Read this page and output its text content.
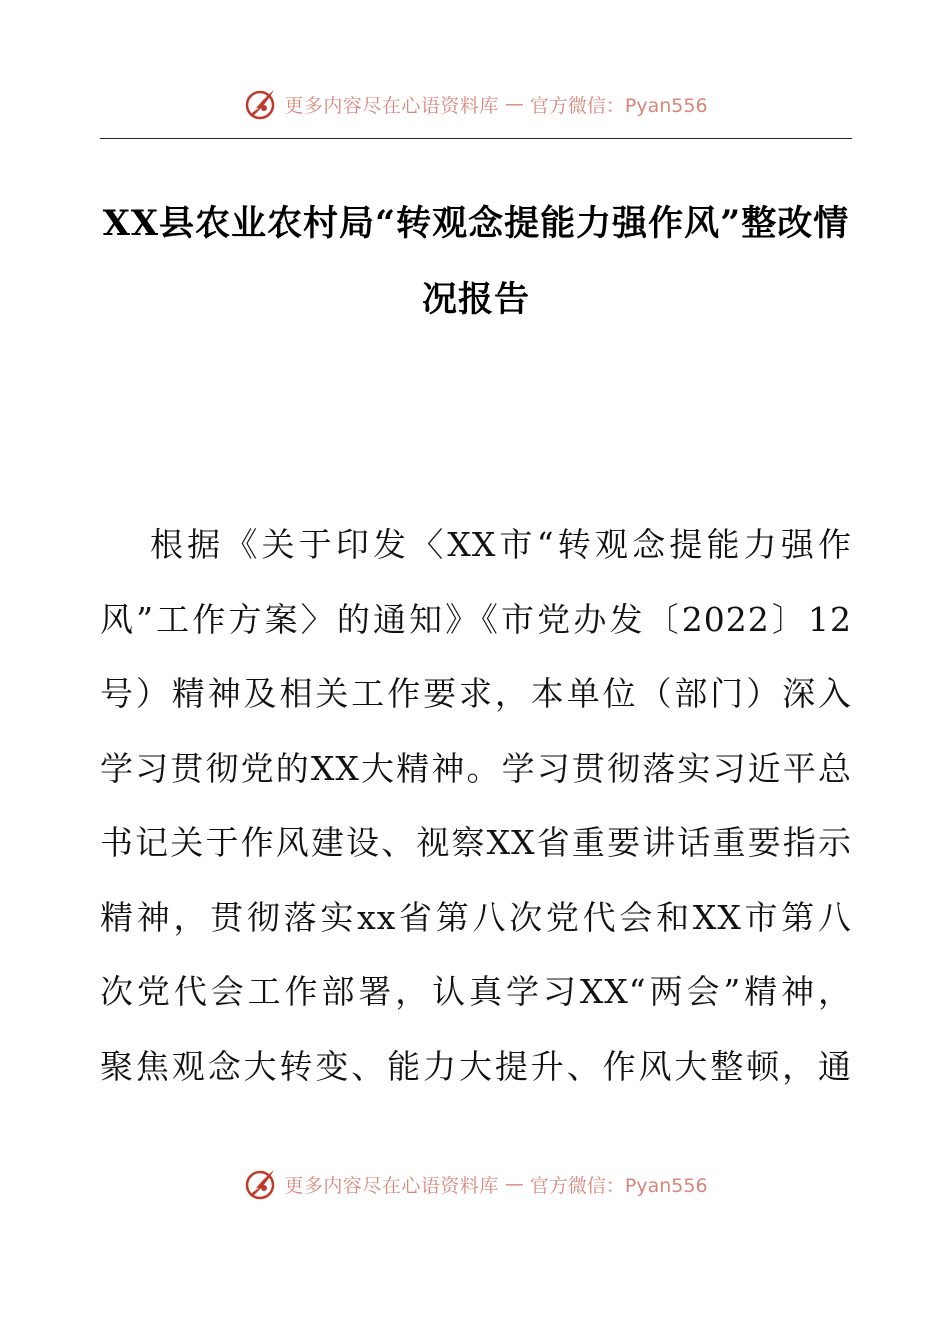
更多内容尽在心语资料库 — 官方微信：Pyan556
XX县农业农村局“转观念提能力强作风”整改情
况报告
根据《关于印发〈XX市“转观念提能力强作
风”工作方案〉的通知》《市党办发〔2022〕12
号）精神及相关工作要求，本单位（部门）深入
学习贯彻党的XX大精神。学习贯彻落实习近平总
书记关于作风建设、视察XX省重要讲话重要指示
精神，贯彻落实xx省第八次党代会和XX市第八
次党代会工作部署，认真学习XX“两会”精神，
聚焦观念大转变、能力大提升、作风大整顿，通
更多内容尽在心语资料库 — 官方微信：Pyan556
